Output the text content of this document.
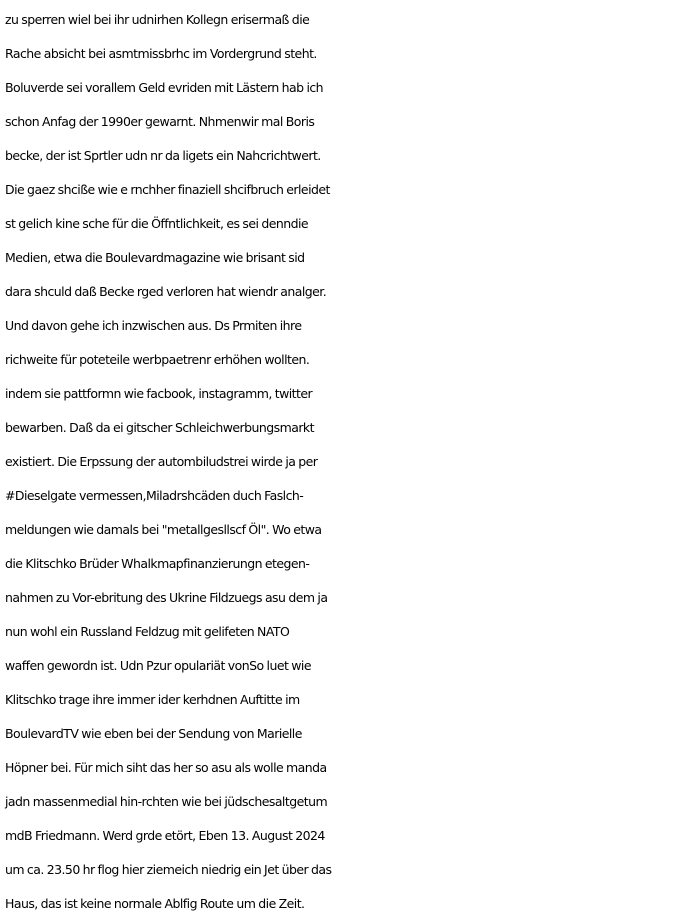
zu sperren wiel bei ihr udnirhen Kollegn erisermaß die
Rache absicht bei asmtmissbrhc im Vordergrund steht.
Boluverde sei vorallem Geld evriden mit Lästern hab ich
schon Anfag der 1990er gewarnt. Nhmenwir mal Boris
becke, der ist Sprtler udn nr da ligets ein Nahcrichtwert.
Die gaez shciße wie e rnchher finaziell shcifbruch erleidet
st gelich kine sche für die Öffntlichkeit, es sei denndie
Medien, etwa die Boulevardmagazine wie brisant sid
dara shculd daß Becke rged verloren hat wiendr analger.
Und davon gehe ich inzwischen aus. Ds Prmiten ihre
richweite für poteteile werbpaetrenr erhöhen wollten.
indem sie pattformn wie facbook, instagramm, twitter
bewarben. Daß da ei gitscher Schleichwerbungsmarkt
existiert. Die Erpssung der autombiludstrei wirde ja per
#Dieselgate vermessen,Miladrshcäden duch Faslch-
meldungen wie damals bei "metallgesllscf Öl". Wo etwa
die Klitschko Brüder Whalkmapfinanzierungn etegen-
nahmen zu Vor-ebritung des Ukrine Fildzuegs asu dem ja
nun wohl ein Russland Feldzug mit gelifeten NATO
waffen gewordn ist. Udn Pzur opulariät vonSo luet wie
Klitschko trage ihre immer ider kerhdnen Auftitte im
BoulevardTV wie eben bei der Sendung von Marielle
Höpner bei. Für mich siht das her so asu als wolle manda
jadn massenmedial hin-rchten wie bei jüdschesaltgetum
mdB Friedmann. Werd grde etört, Eben 13. August 2024
um ca. 23.50 hr flog hier ziemeich niedrig ein Jet über das
Haus, das ist keine normale Ablfig Route um die Zeit.
